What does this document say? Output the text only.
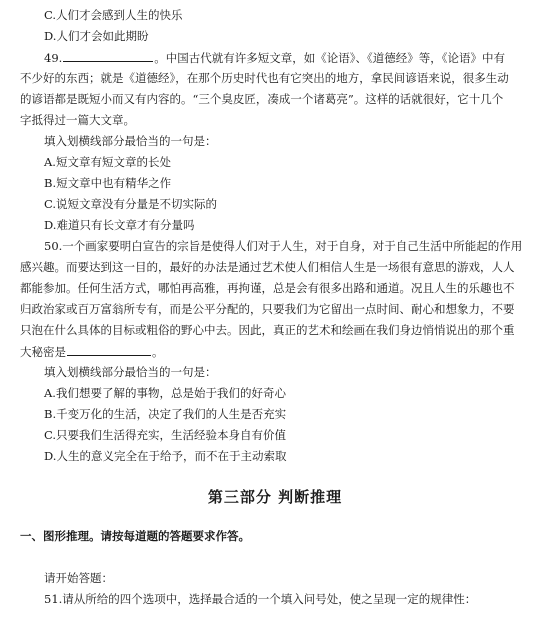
C.人们才会感到人生的快乐
D.人们才会如此期盼
49.	。中国古代就有许多短文章，如《论语》、《道德经》等，《论语》中有
不少好的东西；就是《道德经》，在那个历史时代也有它突出的地方，拿民间谚语来说，很多生动
的谚语都是既短小而又有内容的。“三个臭皮匠，凑成一个诸葛亮”。这样的话就很好，它十几个
字抵得过一篇大文章。
填入划横线部分最恰当的一句是：
A.短文章有短文章的长处
B.短文章中也有精华之作
C.说短文章没有分量是不切实际的
D.难道只有长文章才有分量吗
50.一个画家要明白宣告的宗旨是使得人们对于人生，对于自身，对于自己生活中所能起的作用
感兴趣。而要达到这一目的，最好的办法是通过艺术使人们相信人生是一场很有意思的游戏，人人
都能参加。任何生活方式，哪怕再高雅，再拘谨，总是会有很多出路和通道。况且人生的乐趣也不
归政治家或百万富翁所专有，而是公平分配的，只要我们为它留出一点时间、耐心和想象力，不要
只泡在什么具体的目标或粗俗的野心中去。因此，真正的艺术和绘画在我们身边悄悄说出的那个重
大秘密是	。
填入划横线部分最恰当的一句是：
A.我们想要了解的事物，总是始于我们的好奇心
B.千变万化的生活，决定了我们的人生是否充实
C.只要我们生活得充实，生活经验本身自有价值
D.人生的意义完全在于给予，而不在于主动索取
第三部分 判断推理
一、图形推理。请按每道题的答题要求作答。
请开始答题：
51.请从所给的四个选项中，选择最合适的一个填入问号处，使之呈现一定的规律性：
